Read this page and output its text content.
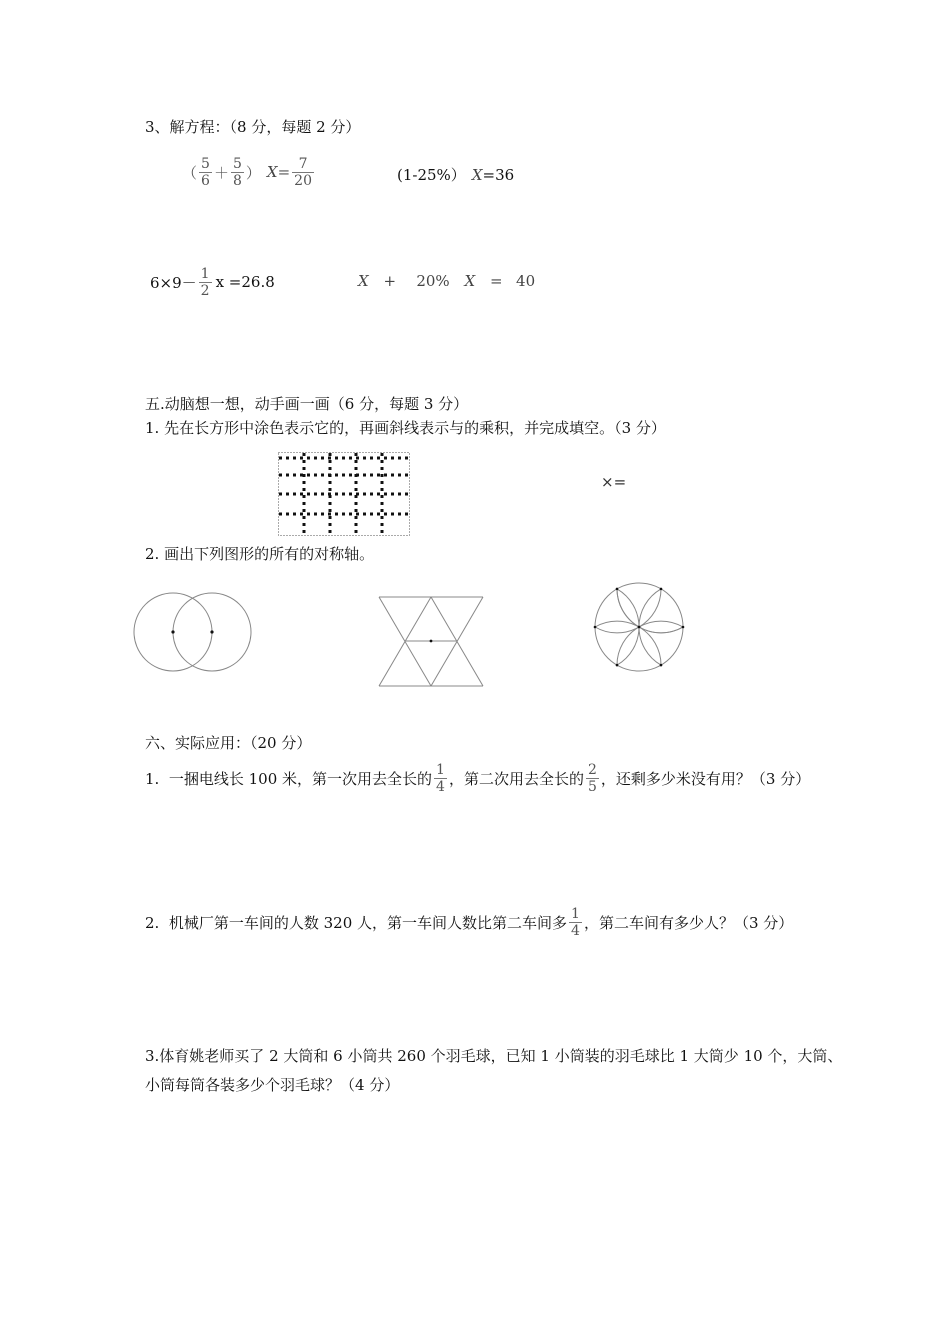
3、解方程：（8 分，每题 2 分）
（ $\frac{5}{6} + \frac{5}{8}$ ） $X = \frac{7}{20}$	(1-25%） X=36
$6\times 9- \frac{1}{2}$ x =26.8	X +   20% X =  40
五.动脑想一想，动手画一画（6 分，每题 3 分）
1. 先在长方形中涂色表示它的，再画斜线表示与的乘积，并完成填空。（3 分）
×=
2. 画出下列图形的所有的对称轴。
六、实际应用：（20 分）
1.  一捆电线长 100 米，第一次用去全长的 $\frac{1}{4}$ ，第二次用去全长的 $\frac{2}{5}$ ，还剩多少米没有用？（3 分）
2.  机械厂第一车间的人数 320 人，第一车间人数比第二车间多 $\frac{1}{4}$ ，第二车间有多少人？（3 分）
3.体育姚老师买了 2 大筒和 6 小筒共 260 个羽毛球，已知 1 小筒装的羽毛球比 1 大筒少 10 个，大筒、
小筒每筒各装多少个羽毛球？（4 分）
